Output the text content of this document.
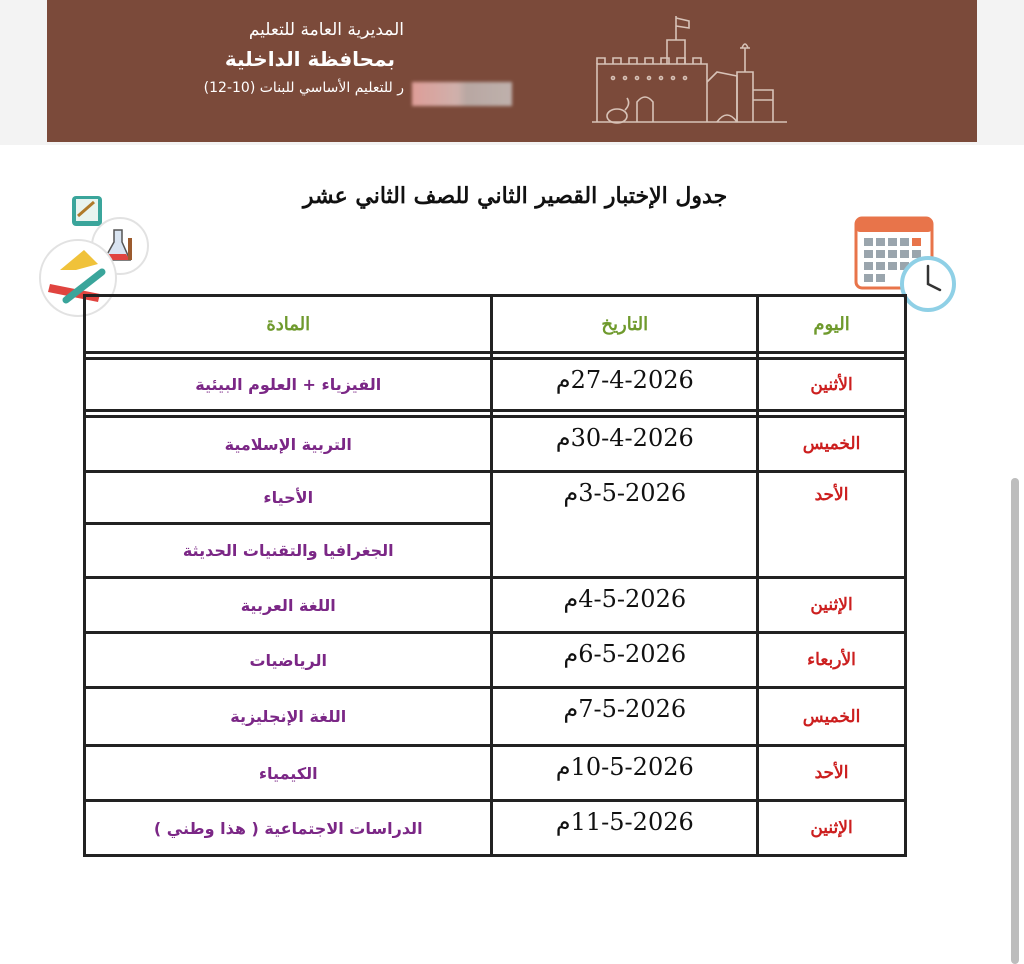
المديرية العامة للتعليم
بمحافظة الداخلية
ر للتعليم الأساسي للبنات (10-12)
جدول الإختبار القصير الثاني للصف الثاني عشر
المادة	التاريخ	اليوم

الفيزياء + العلوم البيئية	27-4-2026م	الأثنين

التربية الإسلامية	30-4-2026م	الخميس
الأحياء	3-5-2026م	الأحد
الجغرافيا والتقنيات الحديثة		
اللغة العربية	4-5-2026م	الإثنين
الرياضيات	6-5-2026م	الأربعاء
اللغة الإنجليزية	7-5-2026م	الخميس
الكيمياء	10-5-2026م	الأحد
الدراسات الاجتماعية ( هذا وطني )	11-5-2026م	الإثنين
